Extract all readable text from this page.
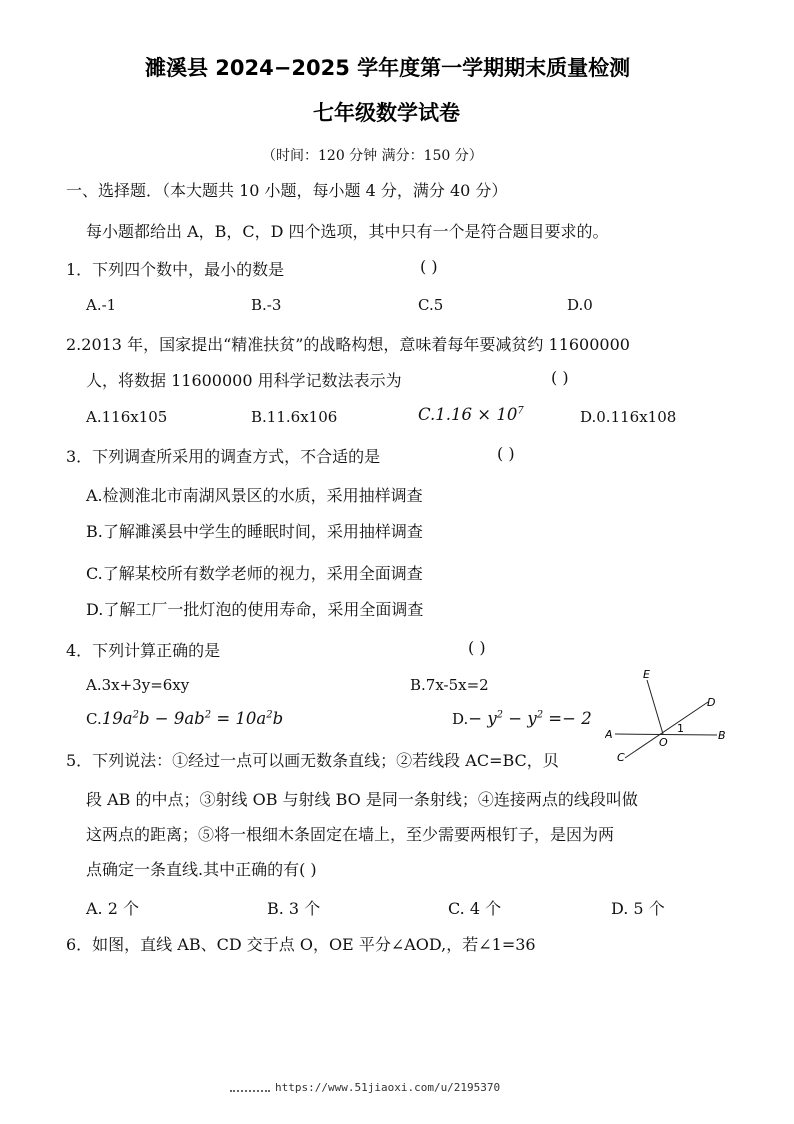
濉溪县 2024−2025 学年度第一学期期末质量检测
七年级数学试卷
（时间：120 分钟 满分：150 分）
一、选择题．（本大题共 10 小题，每小题 4 分，满分 40 分）
每小题都给出 A，B，C，D 四个选项，其中只有一个是符合题目要求的。
1．下列四个数中，最小的数是	( )
A.-1	B.-3	C.5	D.0
2.2013 年，国家提出“精准扶贫”的战略构想，意味着每年要减贫约 11600000
人，将数据 11600000 用科学记数法表示为	( )
A.116x105	B.11.6x106	$C.1.16 \times 10^7$	D.0.116x108
3．下列调查所采用的调查方式，不合适的是	( )
A.检测淮北市南湖风景区的水质，采用抽样调查
B.了解濉溪县中学生的睡眠时间，采用抽样调查
C.了解某校所有数学老师的视力，采用全面调查
D.了解工厂一批灯泡的使用寿命，采用全面调查
4．下列计算正确的是	( )
A.3x+3y=6xy	B.7x-5x=2
$C.19a^2b - 9ab^2 = 10a^2b$	$D.- y^2 - y^2 =- 2$
E
D
A
O
1
B
C
5．下列说法：①经过一点可以画无数条直线；②若线段 AC=BC，贝
段 AB 的中点；③射线 OB 与射线 BO 是同一条射线；④连接两点的线段叫做
这两点的距离；⑤将一根细木条固定在墙上，至少需要两根钉子，是因为两
点确定一条直线.其中正确的有( )
A. 2 个	B. 3 个	C. 4 个	D. 5 个
6．如图，直线 AB、CD 交于点 O，OE 平分∠AOD,，若∠1=36
https://www.51jiaoxi.com/u/2195370
